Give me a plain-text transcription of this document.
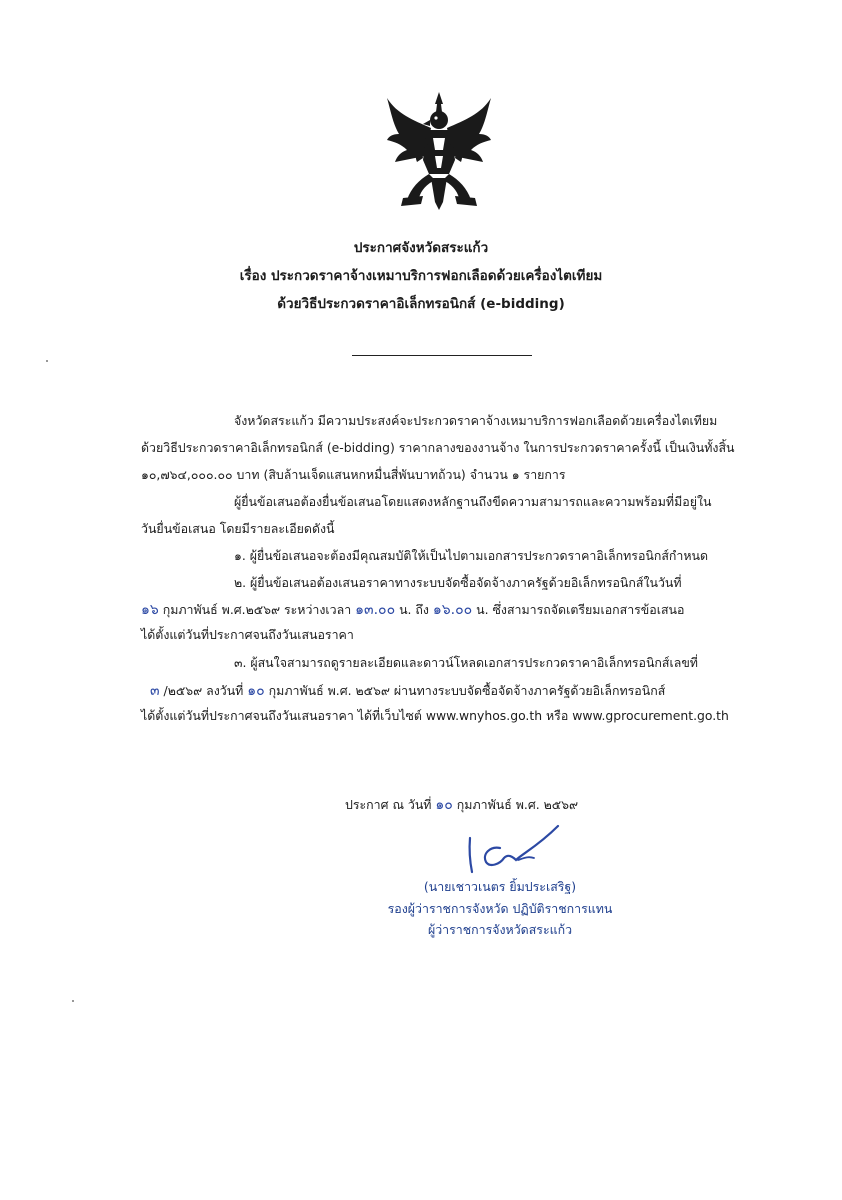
ประกาศจังหวัดสระแก้ว
เรื่อง ประกวดราคาจ้างเหมาบริการฟอกเลือดด้วยเครื่องไตเทียม
ด้วยวิธีประกวดราคาอิเล็กทรอนิกส์ (e-bidding)
จังหวัดสระแก้ว มีความประสงค์จะประกวดราคาจ้างเหมาบริการฟอกเลือดด้วยเครื่องไตเทียม
ด้วยวิธีประกวดราคาอิเล็กทรอนิกส์ (e-bidding) ราคากลางของงานจ้าง ในการประกวดราคาครั้งนี้ เป็นเงินทั้งสิ้น
๑๐,๗๖๔,๐๐๐.๐๐ บาท (สิบล้านเจ็ดแสนหกหมื่นสี่พันบาทถ้วน) จำนวน ๑ รายการ
ผู้ยื่นข้อเสนอต้องยื่นข้อเสนอโดยแสดงหลักฐานถึงขีดความสามารถและความพร้อมที่มีอยู่ใน
วันยื่นข้อเสนอ โดยมีรายละเอียดดังนี้
๑. ผู้ยื่นข้อเสนอจะต้องมีคุณสมบัติให้เป็นไปตามเอกสารประกวดราคาอิเล็กทรอนิกส์กำหนด
๒. ผู้ยื่นข้อเสนอต้องเสนอราคาทางระบบจัดซื้อจัดจ้างภาครัฐด้วยอิเล็กทรอนิกส์ในวันที่
๑๖ กุมภาพันธ์ พ.ศ.๒๕๖๙ ระหว่างเวลา ๑๓.๐๐ น. ถึง ๑๖.๐๐ น. ซึ่งสามารถจัดเตรียมเอกสารข้อเสนอ
ได้ตั้งแต่วันที่ประกาศจนถึงวันเสนอราคา
๓. ผู้สนใจสามารถดูรายละเอียดและดาวน์โหลดเอกสารประกวดราคาอิเล็กทรอนิกส์เลขที่
๓ /๒๕๖๙ ลงวันที่ ๑๐ กุมภาพันธ์ พ.ศ. ๒๕๖๙ ผ่านทางระบบจัดซื้อจัดจ้างภาครัฐด้วยอิเล็กทรอนิกส์
ได้ตั้งแต่วันที่ประกาศจนถึงวันเสนอราคา ได้ที่เว็บไซต์ www.wnyhos.go.th หรือ www.gprocurement.go.th
ประกาศ ณ วันที่ ๑๐ กุมภาพันธ์ พ.ศ. ๒๕๖๙
(นายเชาวเนตร ยิ้มประเสริฐ)
รองผู้ว่าราชการจังหวัด ปฏิบัติราชการแทน
ผู้ว่าราชการจังหวัดสระแก้ว
